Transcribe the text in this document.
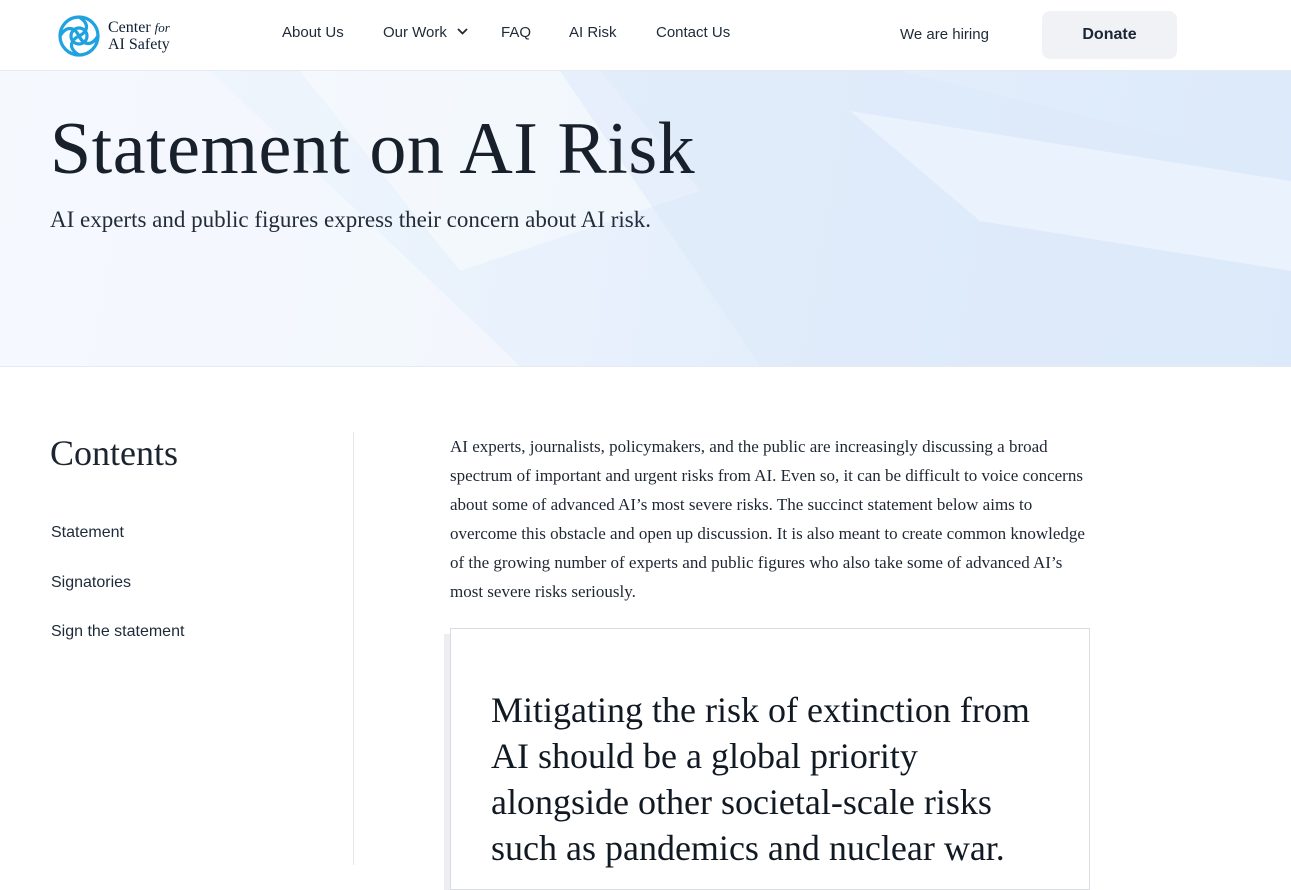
Center for
AI Safety
About Us	Our Work	FAQ	AI Risk	Contact Us	We are hiring	Donate
Statement on AI Risk

AI experts and public figures express their concern about AI risk.

Contents
Statement
Signatories
Sign the statement

AI experts, journalists, policymakers, and the public are increasingly discussing a broad spectrum of important and urgent risks from AI. Even so, it can be difficult to voice concerns about some of advanced AI’s most severe risks. The succinct statement below aims to overcome this obstacle and open up discussion. It is also meant to create common knowledge of the growing number of experts and public figures who also take some of advanced AI’s most severe risks seriously.

Mitigating the risk of extinction from AI should be a global priority alongside other societal-scale risks such as pandemics and nuclear war.
